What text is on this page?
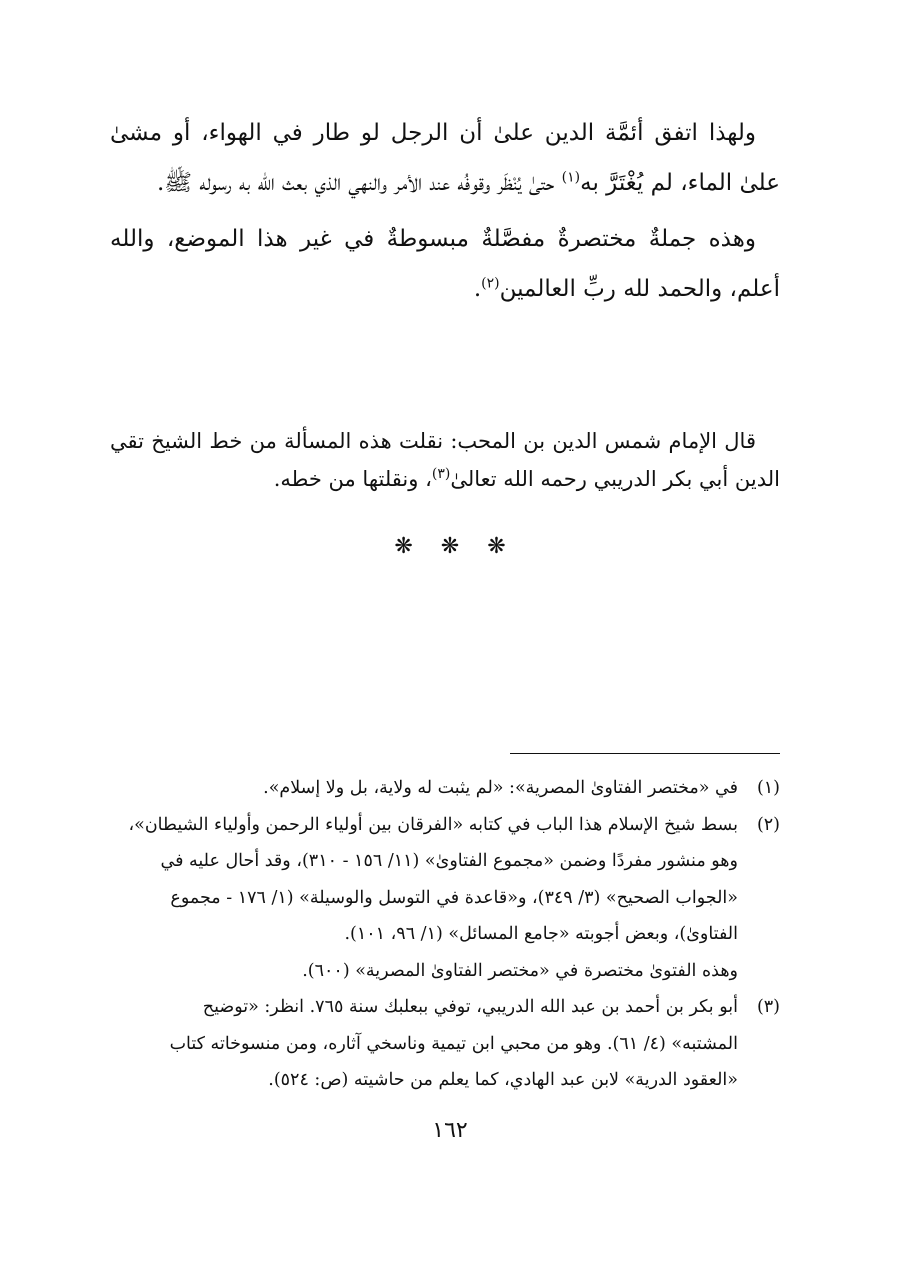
ولهذا اتفق أئمَّة الدين علىٰ أن الرجل لو طار في الهواء، أو مشىٰ علىٰ الماء، لم يُغْتَرَّ به$^{(١)}$ حتىٰ يُنْظَر وقوفُه عند الأمر والنهي الذي بعث الله به رسوله ﷺ.

وهذه جملةٌ مختصرةٌ مفصَّلةٌ مبسوطةٌ في غير هذا الموضع، والله أعلم، والحمد لله ربِّ العالمين$^{(٢)}$.

قال الإمام شمس الدين بن المحب: نقلت هذه المسألة من خط الشيخ تقي الدين أبي بكر الدريبي رحمه الله تعالىٰ$^{(٣)}$، ونقلتها من خطه.

❋❋❋
(١)
في «مختصر الفتاوىٰ المصرية»: «لم يثبت له ولاية، بل ولا إسلام».
(٢)
بسط شيخ الإسلام هذا الباب في كتابه «الفرقان بين أولياء الرحمن وأولياء الشيطان»،
وهو منشور مفردًا وضمن «مجموع الفتاوىٰ» (١١/ ١٥٦ - ٣١٠)، وقد أحال عليه في
«الجواب الصحيح» (٣/ ٣٤٩)، و«قاعدة في التوسل والوسيلة» (١/ ١٧٦ - مجموع
الفتاوىٰ)، وبعض أجوبته «جامع المسائل» (١/ ٩٦، ١٠١).
وهذه الفتوىٰ مختصرة في «مختصر الفتاوىٰ المصرية» (٦٠٠).
(٣)
أبو بكر بن أحمد بن عبد الله الدريبي، توفي ببعلبك سنة ٧٦٥. انظر: «توضيح
المشتبه» (٤/ ٦١). وهو من محبي ابن تيمية وناسخي آثاره، ومن منسوخاته كتاب
«العقود الدرية» لابن عبد الهادي، كما يعلم من حاشيته (ص: ٥٢٤).
١٦٢
